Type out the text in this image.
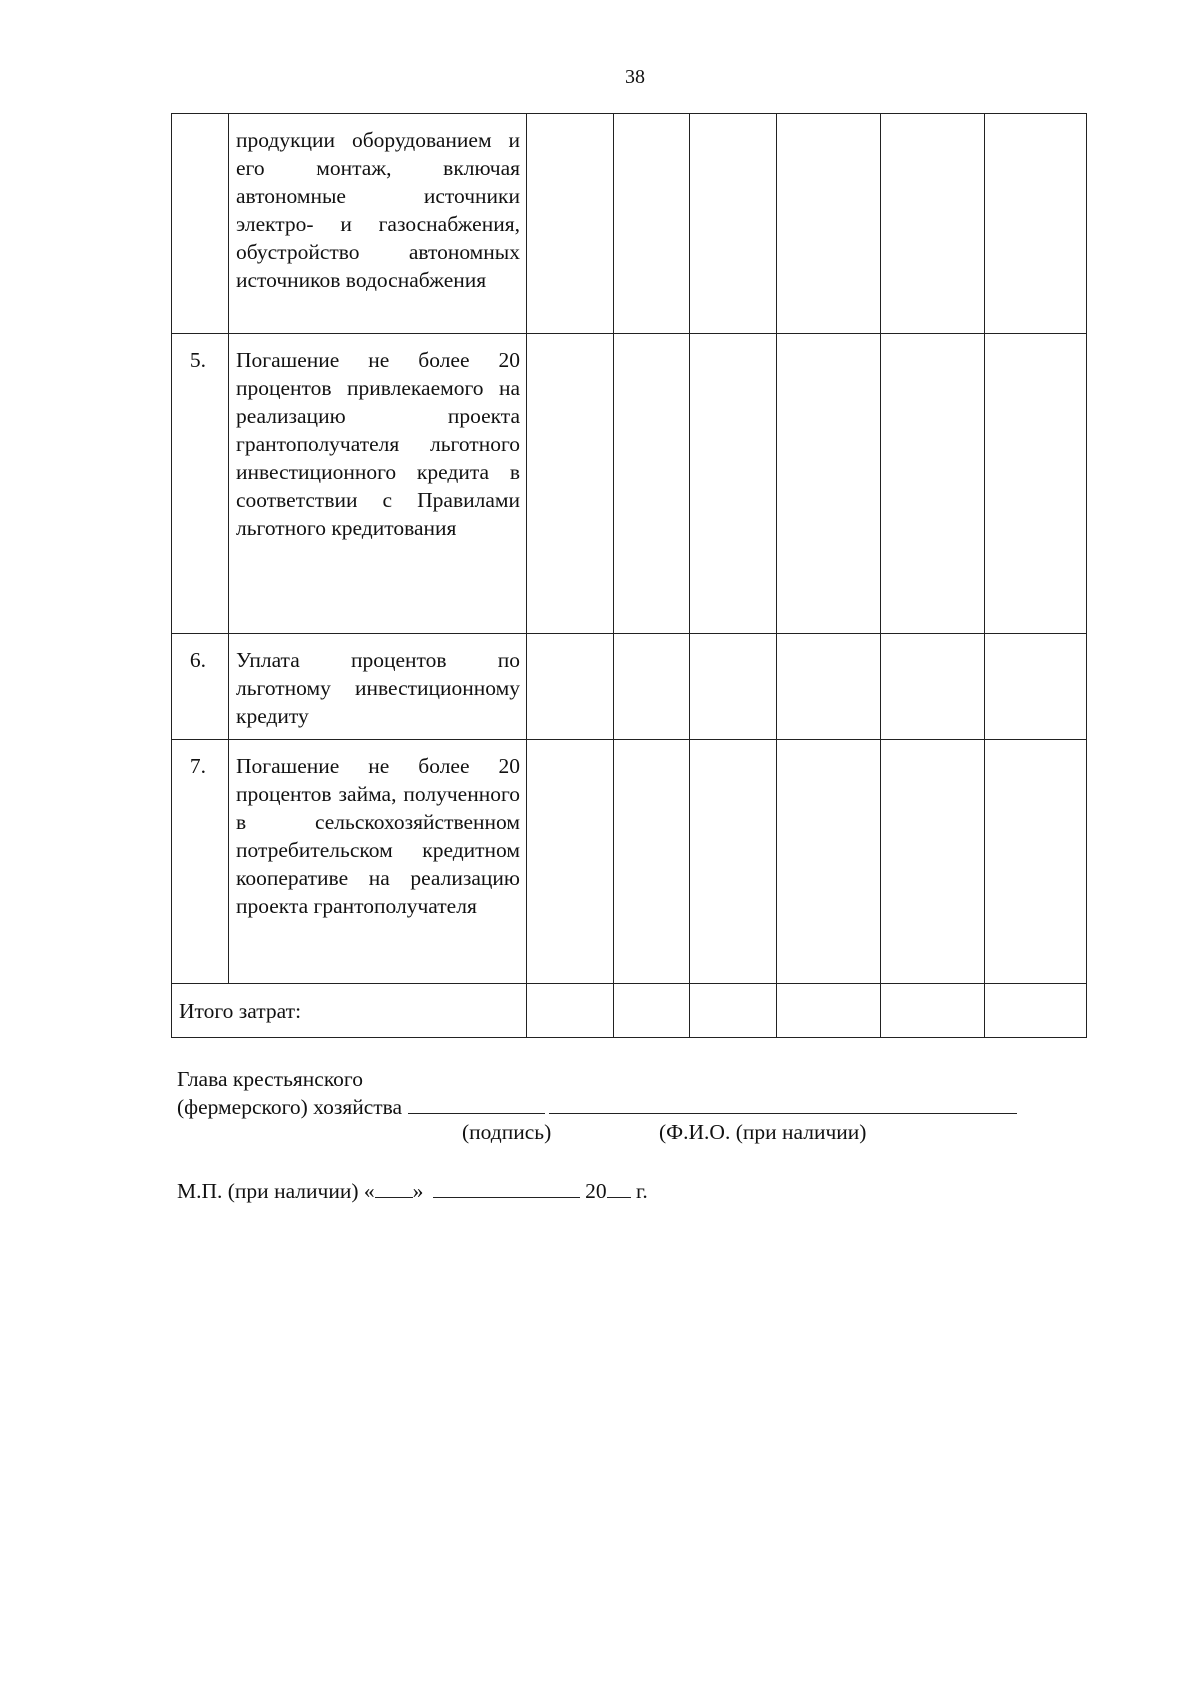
38
	продукции оборудованием и его монтаж, включая автономные источники электро- и газоснабжения, обустройство автономных источников водоснабжения						
5.	Погашение не более 20 процентов привлекаемого на реализацию проекта грантополучателя льготного инвестиционного кредита в соответствии с Правилами льготного кредитования						
6.	Уплата процентов по льготному инвестиционному кредиту						
7.	Погашение не более 20 процентов займа, полученного в сельскохозяйственном потребительском кредитном кооперативе на реализацию проекта грантополучателя						
Итого затрат:							
Глава крестьянского
(фермерского) хозяйства
(подпись)	(Ф.И.О. (при наличии)
М.П. (при наличии) « »	20 г.
